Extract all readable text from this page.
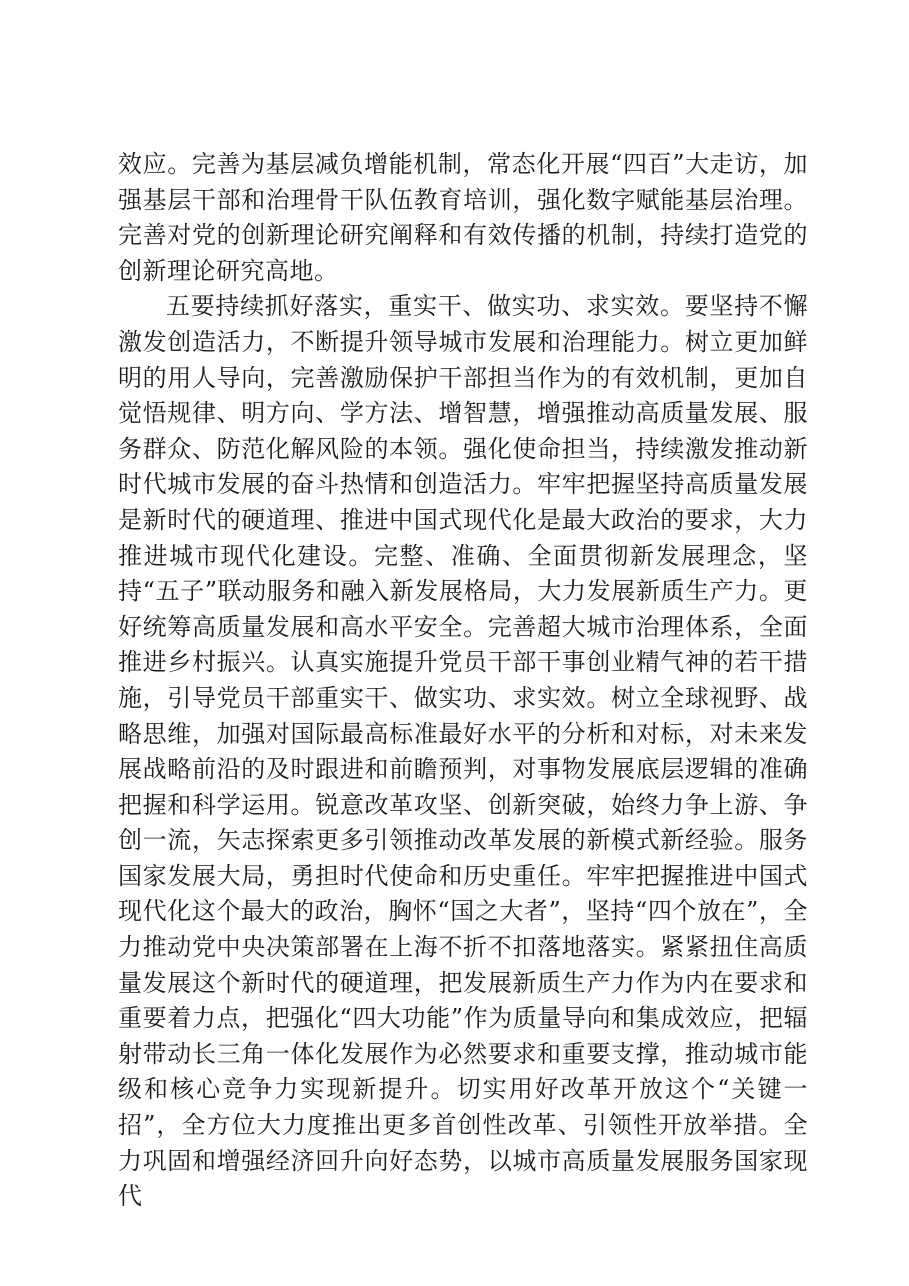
效应。完善为基层减负增能机制，常态化开展“四百”大走访，加强基层干部和治理骨干队伍教育培训，强化数字赋能基层治理。完善对党的创新理论研究阐释和有效传播的机制，持续打造党的创新理论研究高地。

五要持续抓好落实，重实干、做实功、求实效。要坚持不懈激发创造活力，不断提升领导城市发展和治理能力。树立更加鲜明的用人导向，完善激励保护干部担当作为的有效机制，更加自觉悟规律、明方向、学方法、增智慧，增强推动高质量发展、服务群众、防范化解风险的本领。强化使命担当，持续激发推动新时代城市发展的奋斗热情和创造活力。牢牢把握坚持高质量发展是新时代的硬道理、推进中国式现代化是最大政治的要求，大力推进城市现代化建设。完整、准确、全面贯彻新发展理念，坚持“五子”联动服务和融入新发展格局，大力发展新质生产力。更好统筹高质量发展和高水平安全。完善超大城市治理体系，全面推进乡村振兴。认真实施提升党员干部干事创业精气神的若干措施，引导党员干部重实干、做实功、求实效。树立全球视野、战略思维，加强对国际最高标准最好水平的分析和对标，对未来发展战略前沿的及时跟进和前瞻预判，对事物发展底层逻辑的准确把握和科学运用。锐意改革攻坚、创新突破，始终力争上游、争创一流，矢志探索更多引领推动改革发展的新模式新经验。服务国家发展大局，勇担时代使命和历史重任。牢牢把握推进中国式现代化这个最大的政治，胸怀“国之大者”，坚持“四个放在”，全力推动党中央决策部署在上海不折不扣落地落实。紧紧扭住高质量发展这个新时代的硬道理，把发展新质生产力作为内在要求和重要着力点，把强化“四大功能”作为质量导向和集成效应，把辐射带动长三角一体化发展作为必然要求和重要支撑，推动城市能级和核心竞争力实现新提升。切实用好改革开放这个“关键一招”，全方位大力度推出更多首创性改革、引领性开放举措。全力巩固和增强经济回升向好态势，以城市高质量发展服务国家现代
